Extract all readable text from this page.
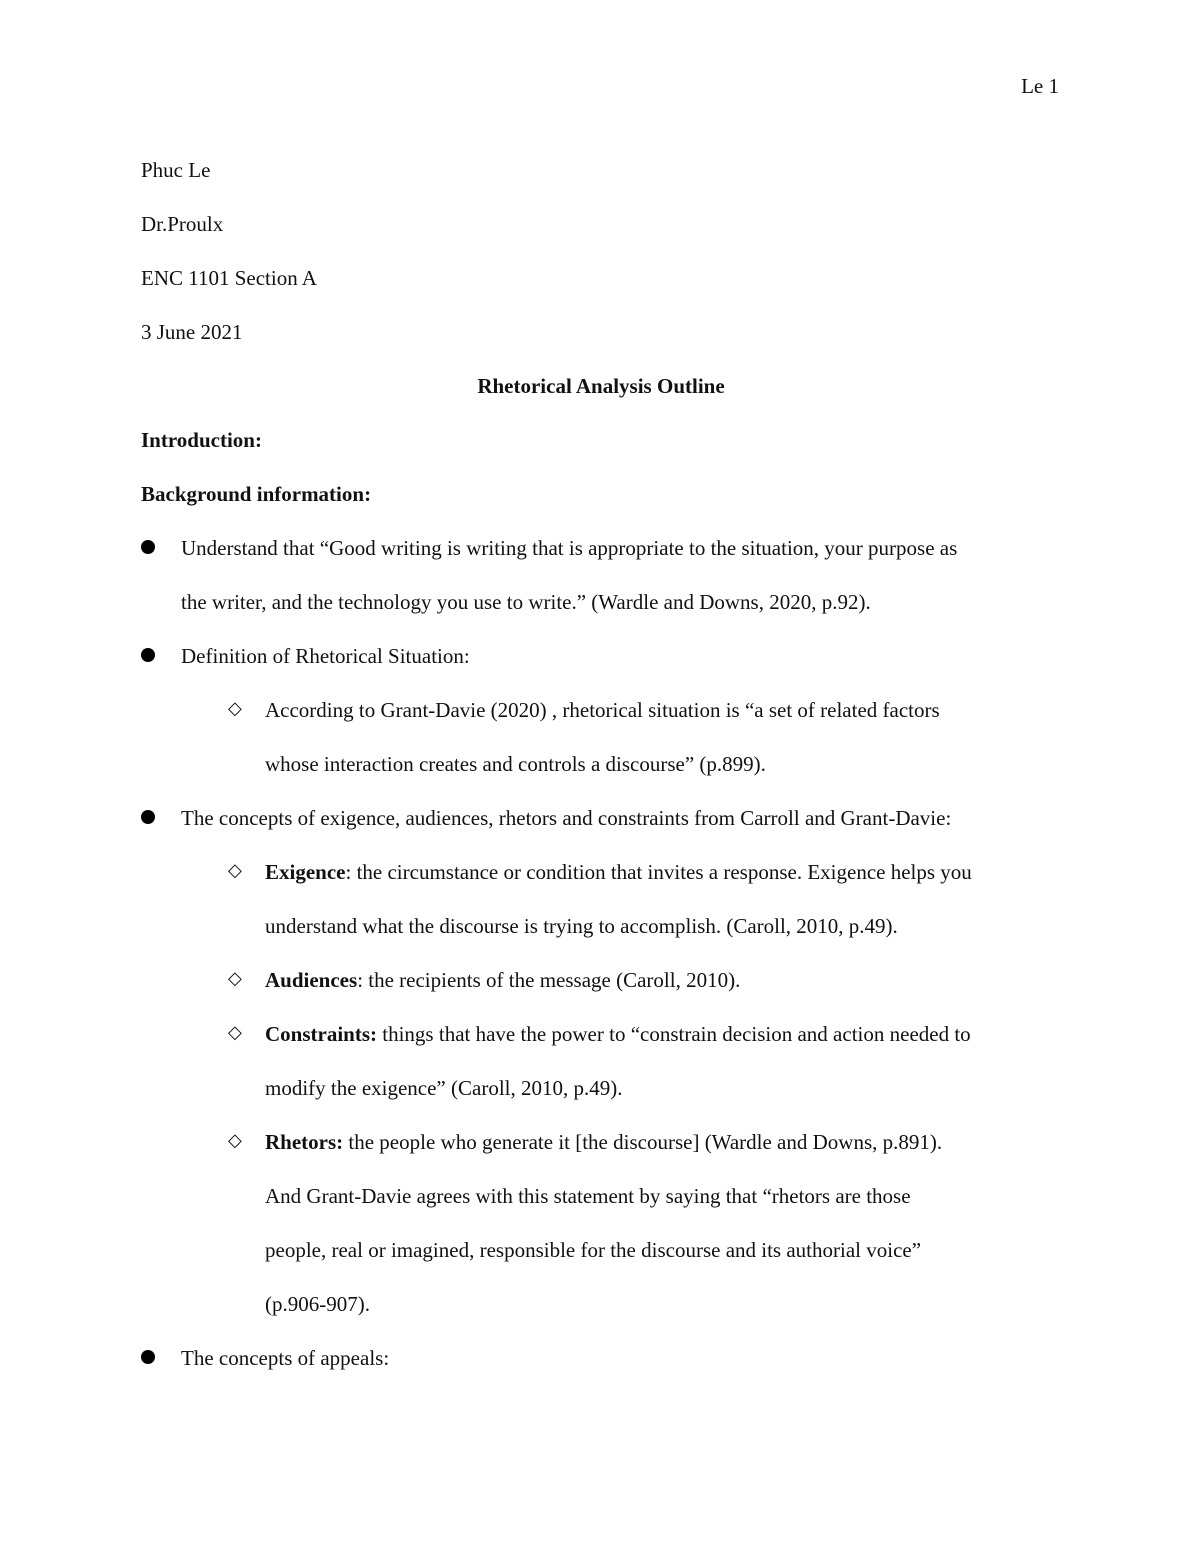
Le 1
Phuc Le
Dr.Proulx
ENC 1101 Section A
3 June 2021
Rhetorical Analysis Outline
Introduction:
Background information:
Understand that “Good writing is writing that is appropriate to the situation, your purpose as
the writer, and the technology you use to write.” (Wardle and Downs, 2020, p.92).
Definition of Rhetorical Situation:
◇ According to Grant-Davie (2020) , rhetorical situation is “a set of related factors
whose interaction creates and controls a discourse” (p.899).
The concepts of exigence, audiences, rhetors and constraints from Carroll and Grant-Davie:
◇ Exigence: the circumstance or condition that invites a response. Exigence helps you
understand what the discourse is trying to accomplish. (Caroll, 2010, p.49).
◇ Audiences: the recipients of the message (Caroll, 2010).
◇ Constraints: things that have the power to “constrain decision and action needed to
modify the exigence” (Caroll, 2010, p.49).
◇ Rhetors: the people who generate it [the discourse] (Wardle and Downs, p.891).
And Grant-Davie agrees with this statement by saying that “rhetors are those
people, real or imagined, responsible for the discourse and its authorial voice”
(p.906-907).
The concepts of appeals:
